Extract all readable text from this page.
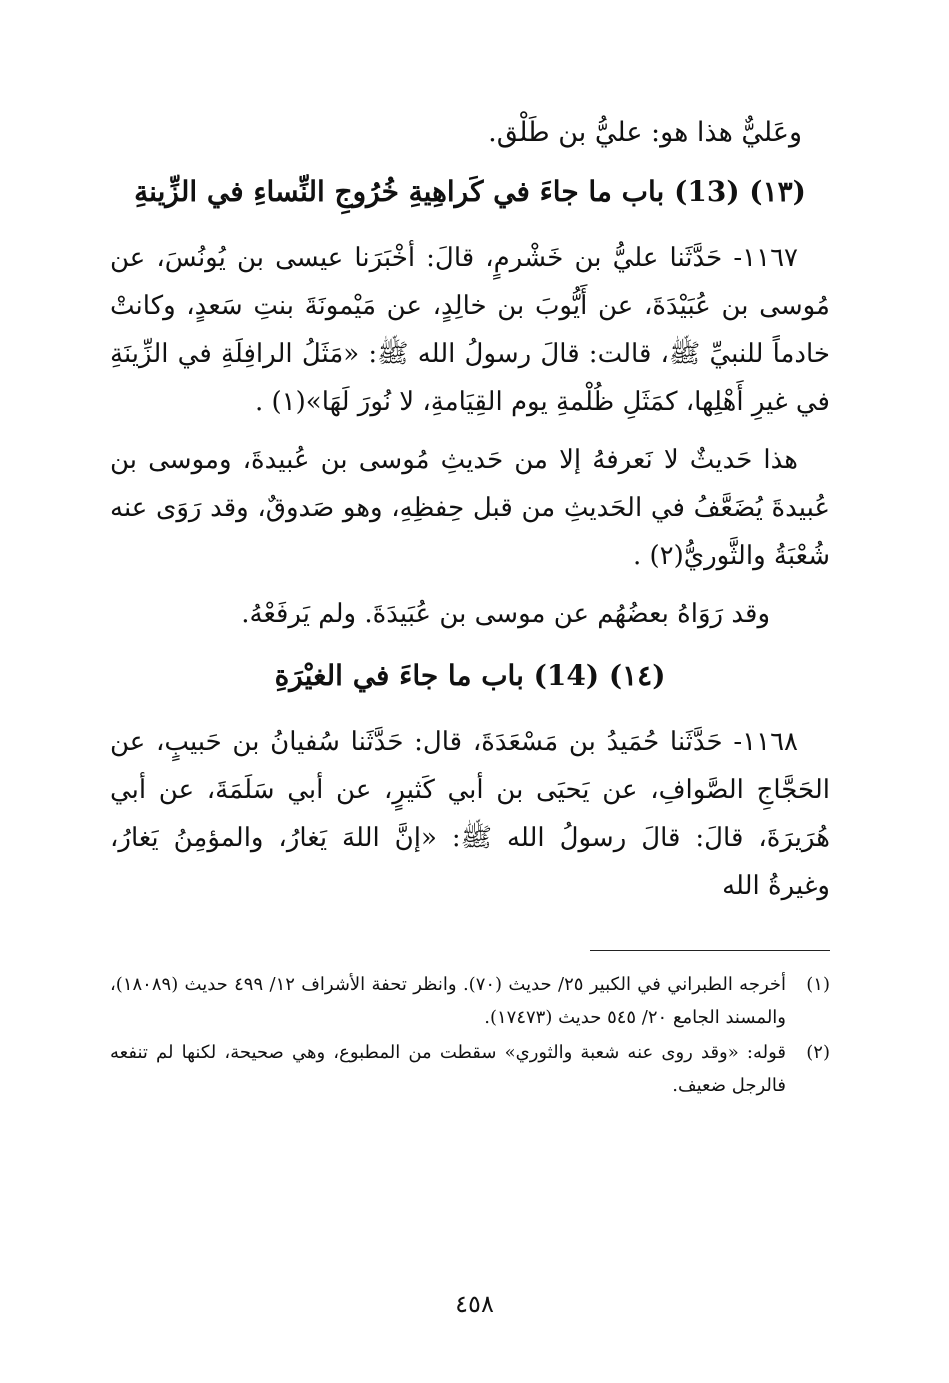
وعَليٌّ هذا هو: عليُّ بن طَلْق.
(١٣) (13) باب ما جاءَ في كَراهِيةِ خُرُوجِ النِّساءِ في الزِّينةِ

١١٦٧- حَدَّثَنا عليُّ بن خَشْرمٍ، قالَ: أخْبَرَنا عيسى بن يُونُسَ، عن مُوسى بن عُبَيْدَةَ، عن أَيُّوبَ بن خالِدٍ، عن مَيْمونَةَ بنتِ سَعدٍ، وكانتْ خادماً للنبيِّ ﷺ، قالت: قالَ رسولُ الله ﷺ: «مَثَلُ الرافِلَةِ في الزِّينَةِ في غيرِ أَهْلِها، كمَثَلِ ظُلْمةِ يوم القِيَامةِ، لا نُورَ لَهَا»(١) .

هذا حَديثٌ لا نَعرفهُ إلا من حَديثِ مُوسى بن عُبيدةَ، وموسى بن عُبيدةَ يُضَعَّفُ في الحَديثِ من قبل حِفظِهِ، وهو صَدوقٌ، وقد رَوَى عنه شُعْبَةُ والثَّوريُّ(٢) .

وقد رَوَاهُ بعضُهُم عن موسى بن عُبَيدَةَ. ولم يَرفَعْهُ.

(١٤) (14) باب ما جاءَ في الغيْرَةِ

١١٦٨- حَدَّثَنا حُمَيدُ بن مَسْعَدَةَ، قال: حَدَّثَنا سُفيانُ بن حَبيبٍ، عن الحَجَّاجِ الصَّوافِ، عن يَحيَى بن أبي كَثيرٍ، عن أبي سَلَمَةَ، عن أبي هُرَيرَةَ، قالَ: قالَ رسولُ الله ﷺ: «إنَّ اللهَ يَغارُ، والمؤمِنُ يَغارُ، وغيرةُ الله

(١)
أخرجه الطبراني في الكبير ٢٥/ حديث (٧٠). وانظر تحفة الأشراف ١٢/ ٤٩٩ حديث (١٨٠٨٩)، والمسند الجامع ٢٠/ ٥٤٥ حديث (١٧٤٧٣).
(٢)
قوله: «وقد روى عنه شعبة والثوري» سقطت من المطبوع، وهي صحيحة، لكنها لم تنفعه فالرجل ضعيف.
٤٥٨
